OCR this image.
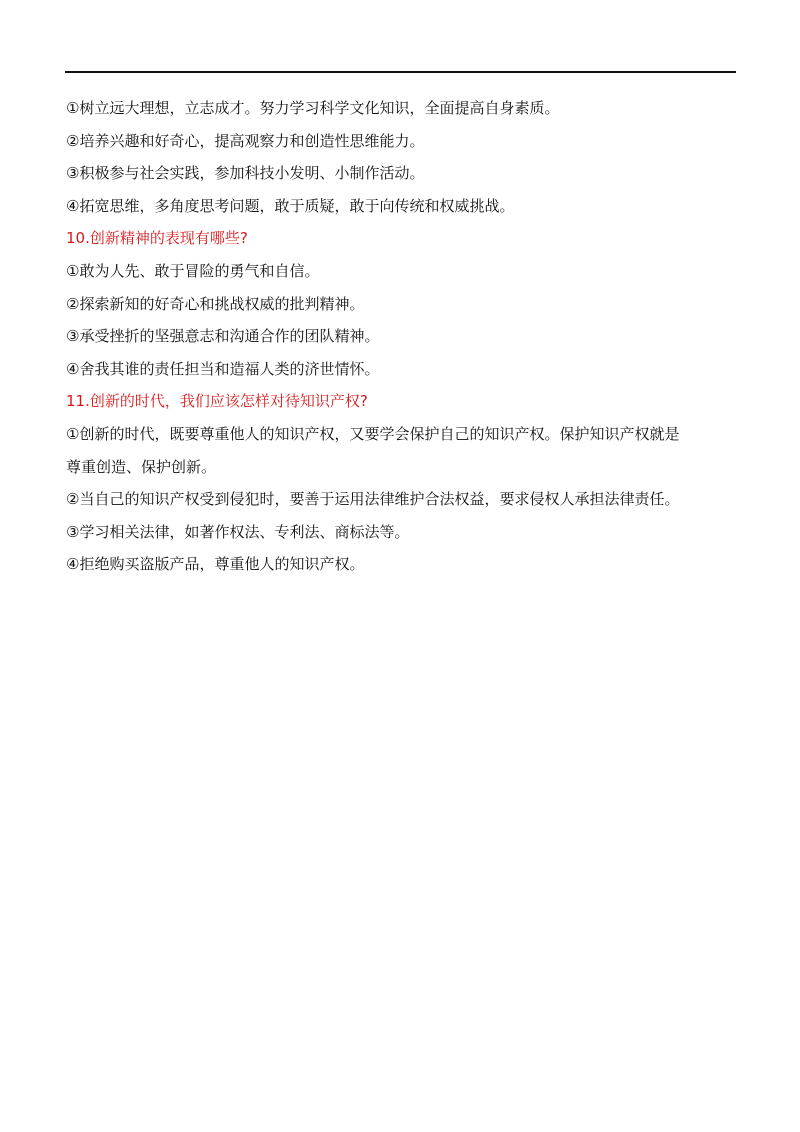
①树立远大理想，立志成才。努力学习科学文化知识，全面提高自身素质。

②培养兴趣和好奇心，提高观察力和创造性思维能力。

③积极参与社会实践，参加科技小发明、小制作活动。

④拓宽思维，多角度思考问题，敢于质疑，敢于向传统和权威挑战。

10.创新精神的表现有哪些?

①敢为人先、敢于冒险的勇气和自信。

②探索新知的好奇心和挑战权威的批判精神。

③承受挫折的坚强意志和沟通合作的团队精神。

④舍我其谁的责任担当和造福人类的济世情怀。

11.创新的时代，我们应该怎样对待知识产权?

①创新的时代，既要尊重他人的知识产权，又要学会保护自己的知识产权。保护知识产权就是

尊重创造、保护创新。

②当自己的知识产权受到侵犯时，要善于运用法律维护合法权益，要求侵权人承担法律责任。

③学习相关法律，如著作权法、专利法、商标法等。

④拒绝购买盗版产品，尊重他人的知识产权。
